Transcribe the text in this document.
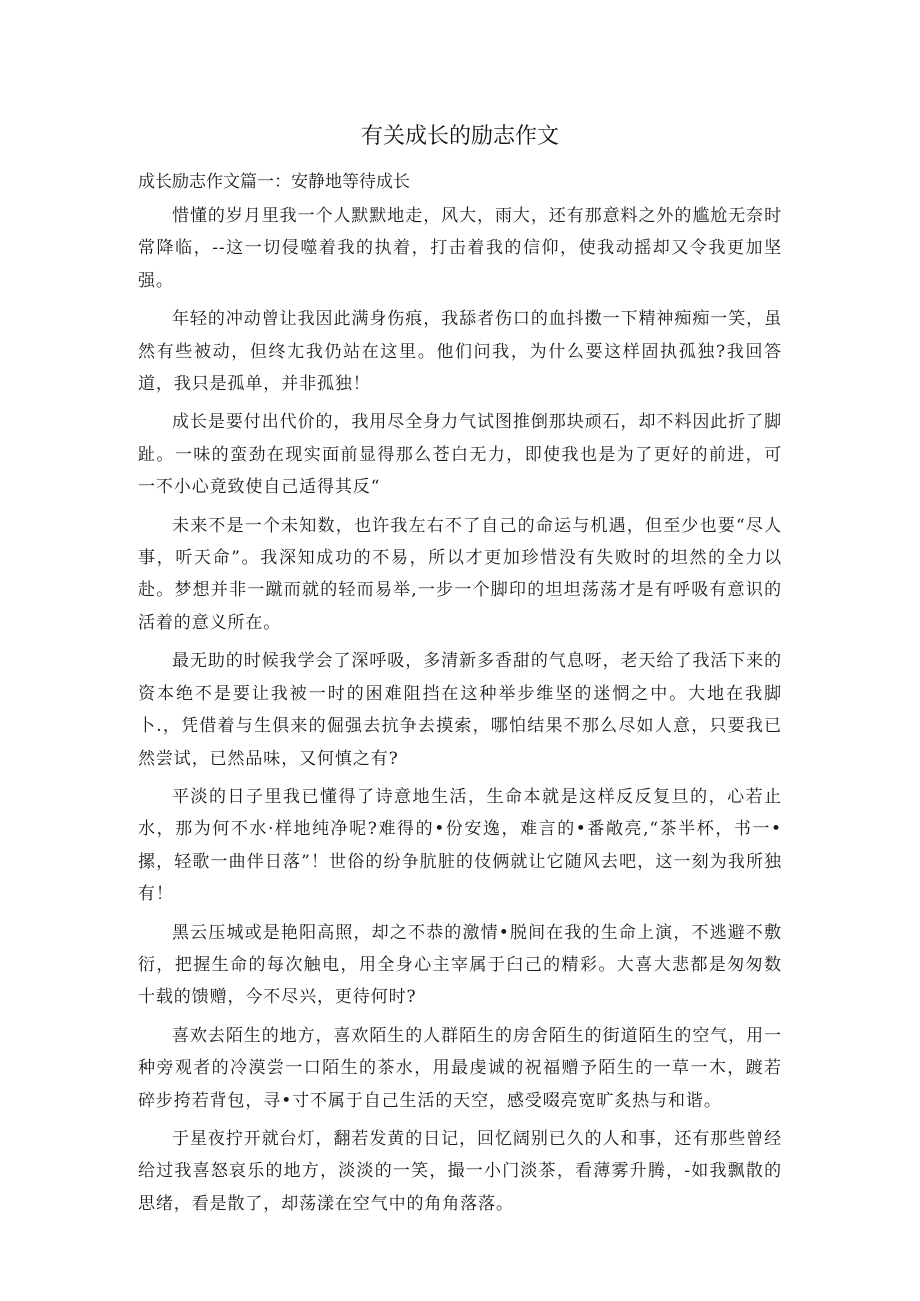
有关成长的励志作文
成长励志作文篇一：安静地等待成长

惜懂的岁月里我一个人默默地走，风大，雨大，还有那意料之外的尴尬无奈时常降临，--这一切侵噬着我的执着，打击着我的信仰，使我动摇却又令我更加坚强。

年轻的冲动曾让我因此满身伤痕，我舔者伤口的血抖擞一下精神痴痴一笑，虽然有些被动，但终尢我仍站在这里。他们问我，为什么要这样固执孤独?我回答道，我只是孤单，并非孤独！

成长是要付出代价的，我用尽全身力气试图推倒那块顽石，却不料因此折了脚趾。一味的蛮劲在现实面前显得那么苍白无力，即使我也是为了更好的前进，可一不小心竟致使自己适得其反“

未来不是一个未知数，也许我左右不了自己的命运与机遇，但至少也要“尽人事，听天命”。我深知成功的不易，所以才更加珍惜没有失败时的坦然的全力以赴。梦想并非一蹴而就的轻而易举,一步一个脚印的坦坦荡荡才是有呼吸有意识的活着的意义所在。

最无助的时候我学会了深呼吸，多清新多香甜的气息呀，老天给了我活下来的资本绝不是要让我被一时的困难阻挡在这种举步维坚的迷惘之中。大地在我脚卜.，凭借着与生俱来的倔强去抗争去摸索，哪怕结果不那么尽如人意，只要我已然尝试，已然品味，又何慎之有?

平淡的日子里我已懂得了诗意地生活，生命本就是这样反反复旦的，心若止水，那为何不水·样地纯净呢?难得的•份安逸，难言的•番敞亮,“茶半杯，书一•摞，轻歌一曲伴日落”！世俗的纷争肮脏的伎俩就让它随风去吧，这一刻为我所独有！

黑云压城或是艳阳高照，却之不恭的激情•脱间在我的生命上演，不逃避不敷衍，把握生命的每次触电，用全身心主宰属于臼己的精彩。大喜大悲都是匆匆数十载的馈赠，今不尽兴，更待何时?

喜欢去陌生的地方，喜欢陌生的人群陌生的房舍陌生的街道陌生的空气，用一种旁观者的冷漠尝一口陌生的茶水，用最虔诚的祝福赠予陌生的一草一木，踱若碎步挎若背包，寻•寸不属于自己生活的天空，感受啜亮宽旷炙热与和谐。

于星夜拧开就台灯，翻若发黄的日记，回忆阔别已久的人和事，还有那些曾经给过我喜怒哀乐的地方，淡淡的一笑，撮一小门淡茶，看薄雾升腾，-如我飘散的思绪，看是散了，却荡漾在空气中的角角落落。
